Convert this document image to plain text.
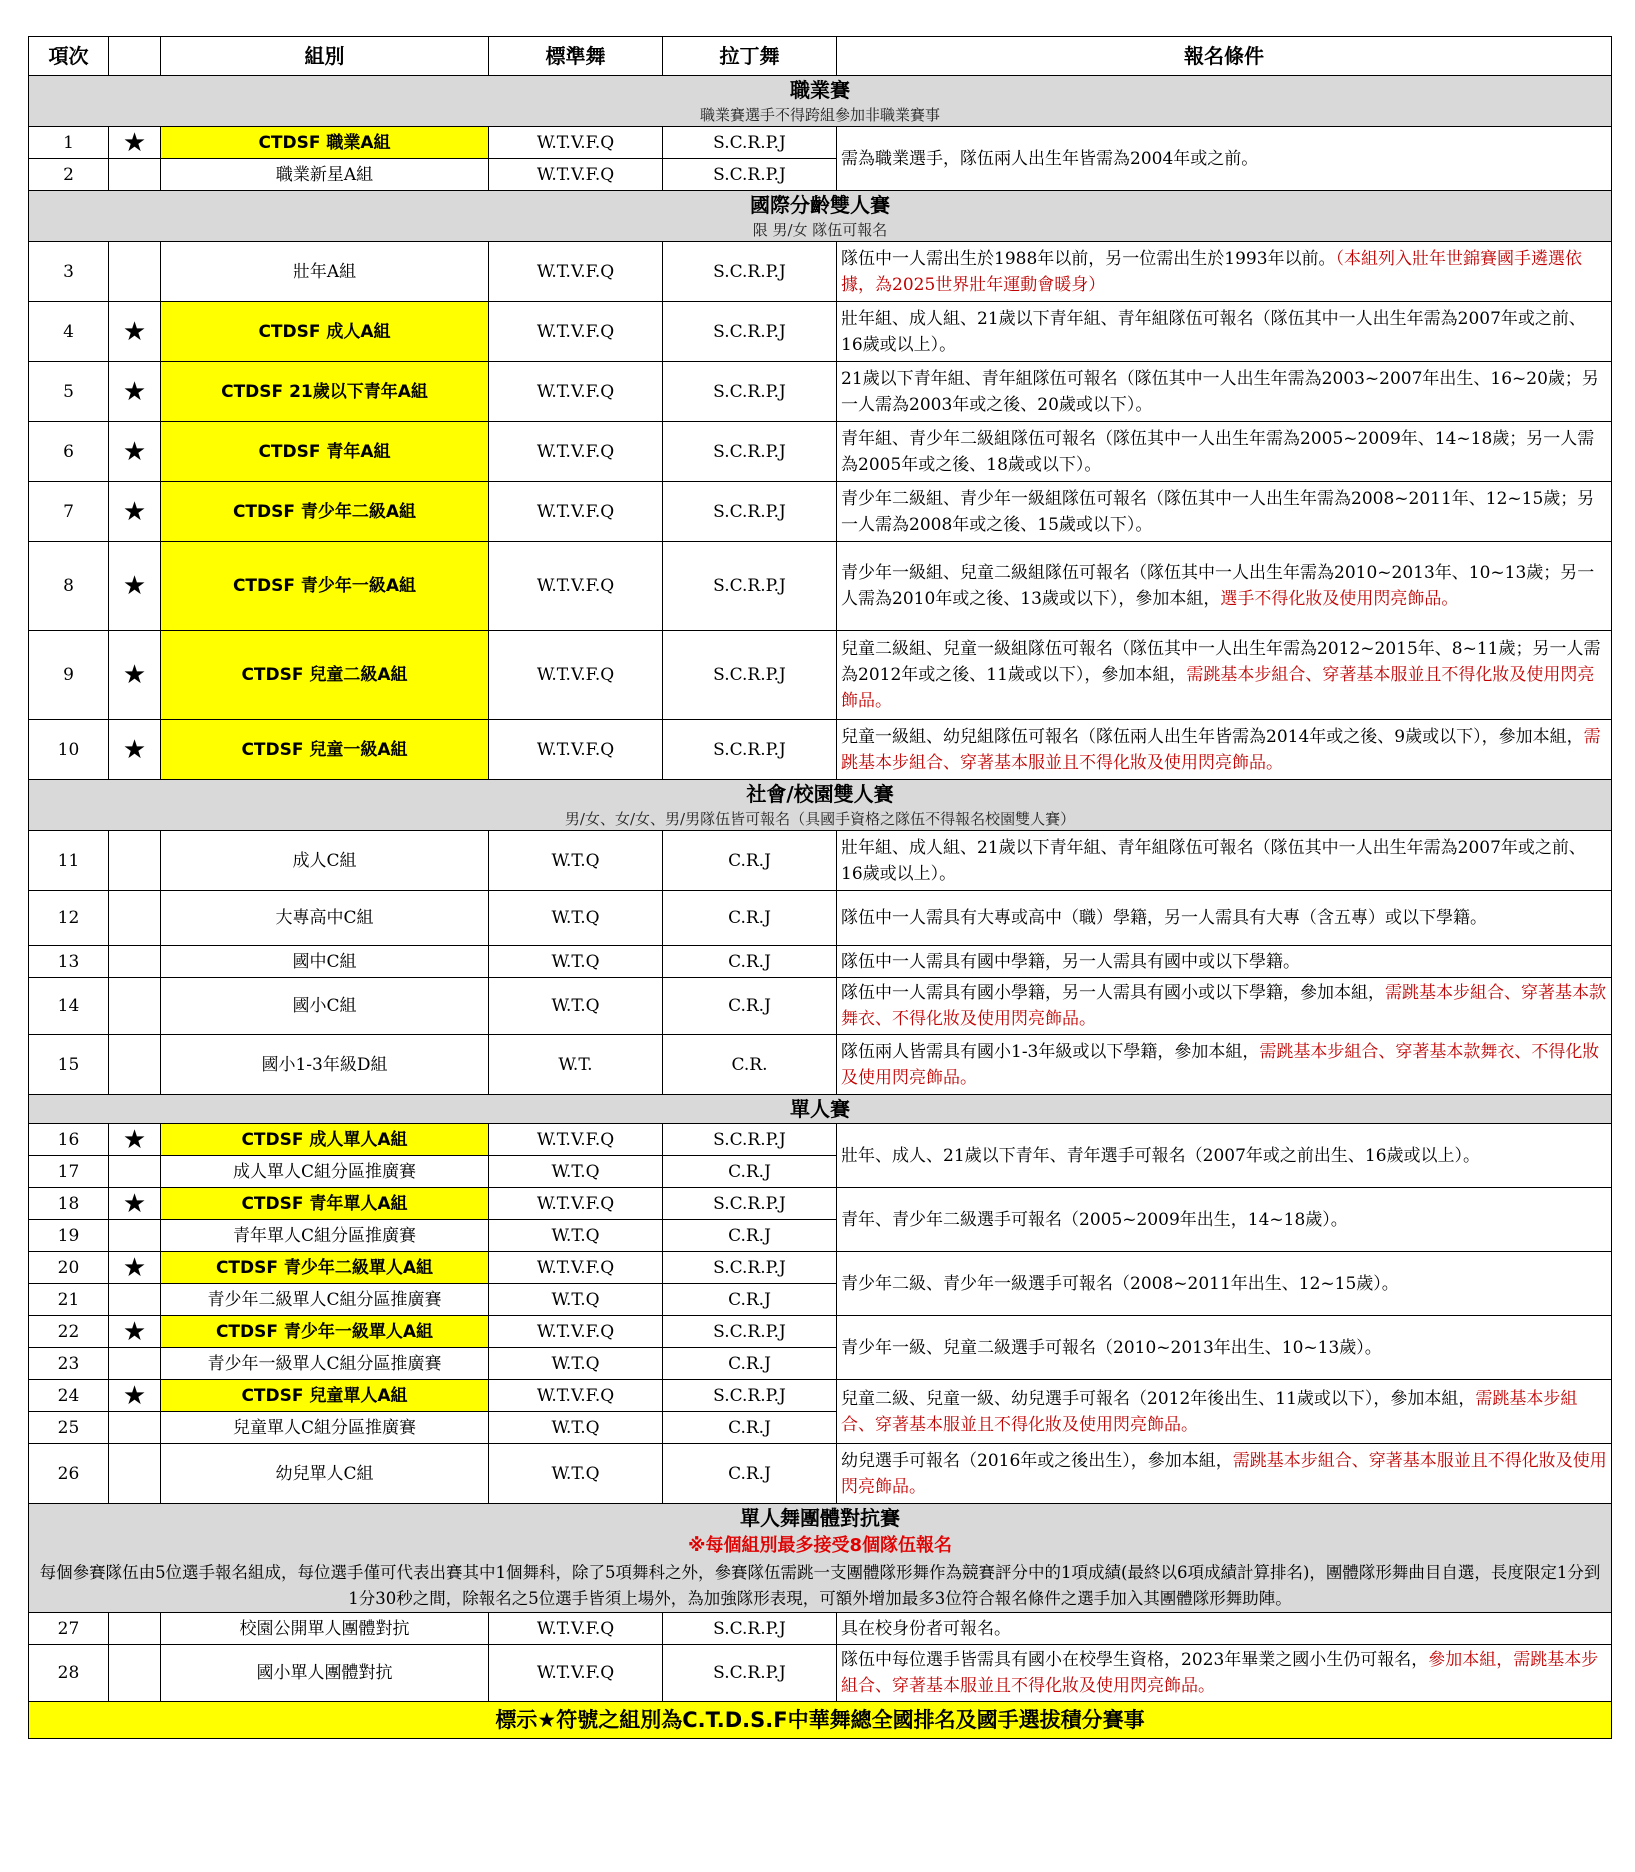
項次		組別	標準舞	拉丁舞	報名條件

職業賽
職業賽選手不得跨組參加非職業賽事					

1	★	CTDSF 職業A組	W.T.V.F.Q	S.C.R.P.J	需為職業選手，隊伍兩人出生年皆需為2004年或之前。
2		職業新星A組	W.T.V.F.Q	S.C.R.P.J	

國際分齡雙人賽
限 男/女 隊伍可報名					

3		壯年A組	W.T.V.F.Q	S.C.R.P.J	隊伍中一人需出生於1988年以前，另一位需出生於1993年以前。（本組列入壯年世錦賽國手遴選依據，為2025世界壯年運動會暖身）
4	★	CTDSF 成人A組	W.T.V.F.Q	S.C.R.P.J	壯年組、成人組、21歲以下青年組、青年組隊伍可報名（隊伍其中一人出生年需為2007年或之前、16歲或以上）。
5	★	CTDSF 21歲以下青年A組	W.T.V.F.Q	S.C.R.P.J	21歲以下青年組、青年組隊伍可報名（隊伍其中一人出生年需為2003~2007年出生、16~20歲；另一人需為2003年或之後、20歲或以下）。
6	★	CTDSF 青年A組	W.T.V.F.Q	S.C.R.P.J	青年組、青少年二級組隊伍可報名（隊伍其中一人出生年需為2005~2009年、14~18歲；另一人需為2005年或之後、18歲或以下）。
7	★	CTDSF 青少年二級A組	W.T.V.F.Q	S.C.R.P.J	青少年二級組、青少年一級組隊伍可報名（隊伍其中一人出生年需為2008~2011年、12~15歲；另一人需為2008年或之後、15歲或以下）。
8	★	CTDSF 青少年一級A組	W.T.V.F.Q	S.C.R.P.J	青少年一級組、兒童二級組隊伍可報名（隊伍其中一人出生年需為2010~2013年、10~13歲；另一人需為2010年或之後、13歲或以下），參加本組，選手不得化妝及使用閃亮飾品。
9	★	CTDSF 兒童二級A組	W.T.V.F.Q	S.C.R.P.J	兒童二級組、兒童一級組隊伍可報名（隊伍其中一人出生年需為2012~2015年、8~11歲；另一人需為2012年或之後、11歲或以下），參加本組，需跳基本步組合、穿著基本服並且不得化妝及使用閃亮飾品。
10	★	CTDSF 兒童一級A組	W.T.V.F.Q	S.C.R.P.J	兒童一級組、幼兒組隊伍可報名（隊伍兩人出生年皆需為2014年或之後、9歲或以下），參加本組，需跳基本步組合、穿著基本服並且不得化妝及使用閃亮飾品。

社會/校園雙人賽
男/女、女/女、男/男隊伍皆可報名（具國手資格之隊伍不得報名校園雙人賽）					

11		成人C組	W.T.Q	C.R.J	壯年組、成人組、21歲以下青年組、青年組隊伍可報名（隊伍其中一人出生年需為2007年或之前、16歲或以上）。
12		大專高中C組	W.T.Q	C.R.J	隊伍中一人需具有大專或高中（職）學籍，另一人需具有大專（含五專）或以下學籍。
13		國中C組	W.T.Q	C.R.J	隊伍中一人需具有國中學籍，另一人需具有國中或以下學籍。
14		國小C組	W.T.Q	C.R.J	隊伍中一人需具有國小學籍，另一人需具有國小或以下學籍，參加本組，需跳基本步組合、穿著基本款舞衣、不得化妝及使用閃亮飾品。
15		國小1-3年級D組	W.T.	C.R.	隊伍兩人皆需具有國小1-3年級或以下學籍，參加本組，需跳基本步組合、穿著基本款舞衣、不得化妝及使用閃亮飾品。

單人賽					

16	★	CTDSF 成人單人A組	W.T.V.F.Q	S.C.R.P.J	壯年、成人、21歲以下青年、青年選手可報名（2007年或之前出生、16歲或以上）。
17		成人單人C組分區推廣賽	W.T.Q	C.R.J	
18	★	CTDSF 青年單人A組	W.T.V.F.Q	S.C.R.P.J	青年、青少年二級選手可報名（2005~2009年出生，14~18歲）。
19		青年單人C組分區推廣賽	W.T.Q	C.R.J	
20	★	CTDSF 青少年二級單人A組	W.T.V.F.Q	S.C.R.P.J	青少年二級、青少年一級選手可報名（2008~2011年出生、12~15歲）。
21		青少年二級單人C組分區推廣賽	W.T.Q	C.R.J	
22	★	CTDSF 青少年一級單人A組	W.T.V.F.Q	S.C.R.P.J	青少年一級、兒童二級選手可報名（2010~2013年出生、10~13歲）。
23		青少年一級單人C組分區推廣賽	W.T.Q	C.R.J	
24	★	CTDSF 兒童單人A組	W.T.V.F.Q	S.C.R.P.J	兒童二級、兒童一級、幼兒選手可報名（2012年後出生、11歲或以下），參加本組，需跳基本步組合、穿著基本服並且不得化妝及使用閃亮飾品。
25		兒童單人C組分區推廣賽	W.T.Q	C.R.J	
26		幼兒單人C組	W.T.Q	C.R.J	幼兒選手可報名（2016年或之後出生），參加本組，需跳基本步組合、穿著基本服並且不得化妝及使用閃亮飾品。

單人舞團體對抗賽
※每個組別最多接受8個隊伍報名
每個參賽隊伍由5位選手報名組成，每位選手僅可代表出賽其中1個舞科，除了5項舞科之外，參賽隊伍需跳一支團體隊形舞作為競賽評分中的1項成績(最終以6項成績計算排名)，團體隊形舞曲目自選，長度限定1分到1分30秒之間，除報名之5位選手皆須上場外，為加強隊形表現，可額外增加最多3位符合報名條件之選手加入其團體隊形舞助陣。					

27		校園公開單人團體對抗	W.T.V.F.Q	S.C.R.P.J	具在校身份者可報名。
28		國小單人團體對抗	W.T.V.F.Q	S.C.R.P.J	隊伍中每位選手皆需具有國小在校學生資格，2023年畢業之國小生仍可報名，參加本組，需跳基本步組合、穿著基本服並且不得化妝及使用閃亮飾品。
標示★符號之組別為C.T.D.S.F中華舞總全國排名及國手選拔積分賽事					
